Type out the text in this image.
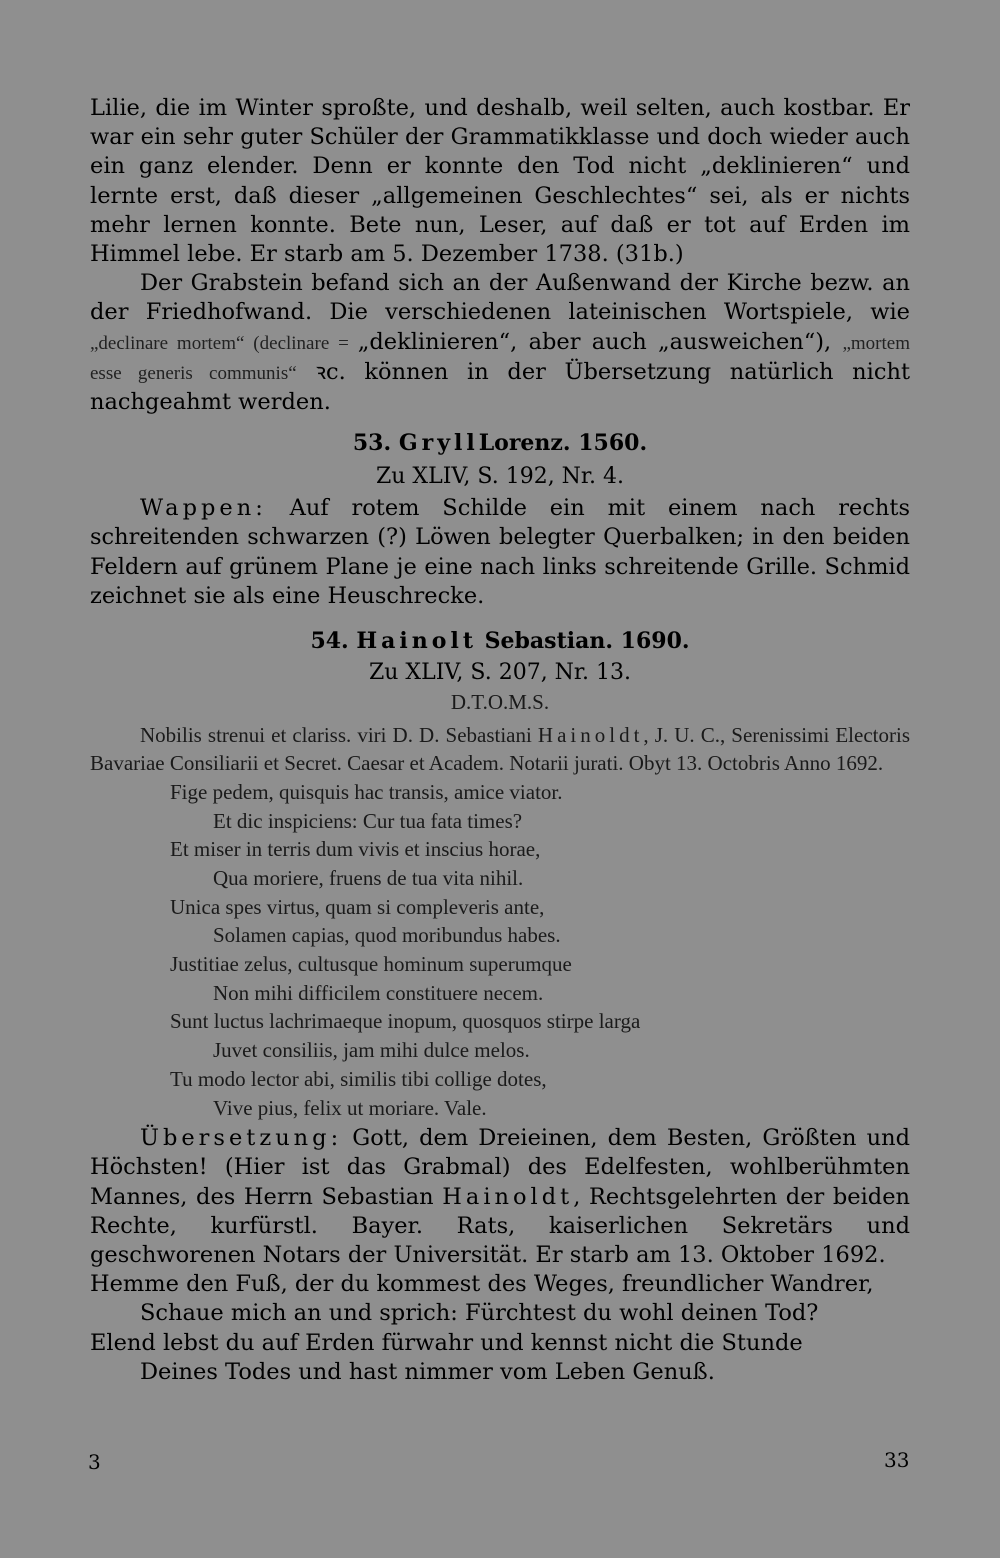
Lilie, die im Winter sproßte, und deshalb, weil selten, auch kostbar. Er war ein sehr guter Schüler der Grammatikklasse und doch wieder auch ein ganz elender. Denn er konnte den Tod nicht „deklinieren“ und lernte erst, daß dieser „allgemeinen Geschlechtes“ sei, als er nichts mehr lernen konnte. Bete nun, Leser, auf daß er tot auf Erden im Himmel lebe. Er starb am 5. Dezember 1738. (31b.)

Der Grabstein befand sich an der Außenwand der Kirche bezw. an der Friedhofwand. Die verschiedenen lateinischen Wortspiele, wie „declinare mortem“ (declinare = „deklinieren“, aber auch „ausweichen“), „mortem esse generis communis“ ꝛc. können in der Übersetzung natürlich nicht nachgeahmt werden.

53. GryllLorenz. 1560.

Zu XLIV, S. 192, Nr. 4.

Wappen: Auf rotem Schilde ein mit einem nach rechts schreitenden schwarzen (?) Löwen belegter Querbalken; in den beiden Feldern auf grünem Plane je eine nach links schreitende Grille. Schmid zeichnet sie als eine Heuschrecke.

54. Hainolt Sebastian. 1690.

Zu XLIV, S. 207, Nr. 13.

D.T.O.M.S.

Nobilis strenui et clariss. viri D. D. Sebastiani Hainoldt, J. U. C., Serenissimi Electoris Bavariae Consiliarii et Secret. Caesar et Academ. Notarii jurati. Obyt 13. Octobris Anno 1692.

Fige pedem, quisquis hac transis, amice viator.

Et dic inspiciens: Cur tua fata times?

Et miser in terris dum vivis et inscius horae,

Qua moriere, fruens de tua vita nihil.

Unica spes virtus, quam si compleveris ante,

Solamen capias, quod moribundus habes.

Justitiae zelus, cultusque hominum superumque

Non mihi difficilem constituere necem.

Sunt luctus lachrimaeque inopum, quosquos stirpe larga

Juvet consiliis, jam mihi dulce melos.

Tu modo lector abi, similis tibi collige dotes,

Vive pius, felix ut moriare. Vale.

Übersetzung: Gott, dem Dreieinen, dem Besten, Größten und Höchsten! (Hier ist das Grabmal) des Edelfesten, wohlberühmten Mannes, des Herrn Sebastian Hainoldt, Rechtsgelehrten der beiden Rechte, kurfürstl. Bayer. Rats, kaiserlichen Sekretärs und geschworenen Notars der Universität. Er starb am 13. Oktober 1692.

Hemme den Fuß, der du kommest des Weges, freundlicher Wandrer,

Schaue mich an und sprich: Fürchtest du wohl deinen Tod?

Elend lebst du auf Erden fürwahr und kennst nicht die Stunde

Deines Todes und hast nimmer vom Leben Genuß.

3	33
